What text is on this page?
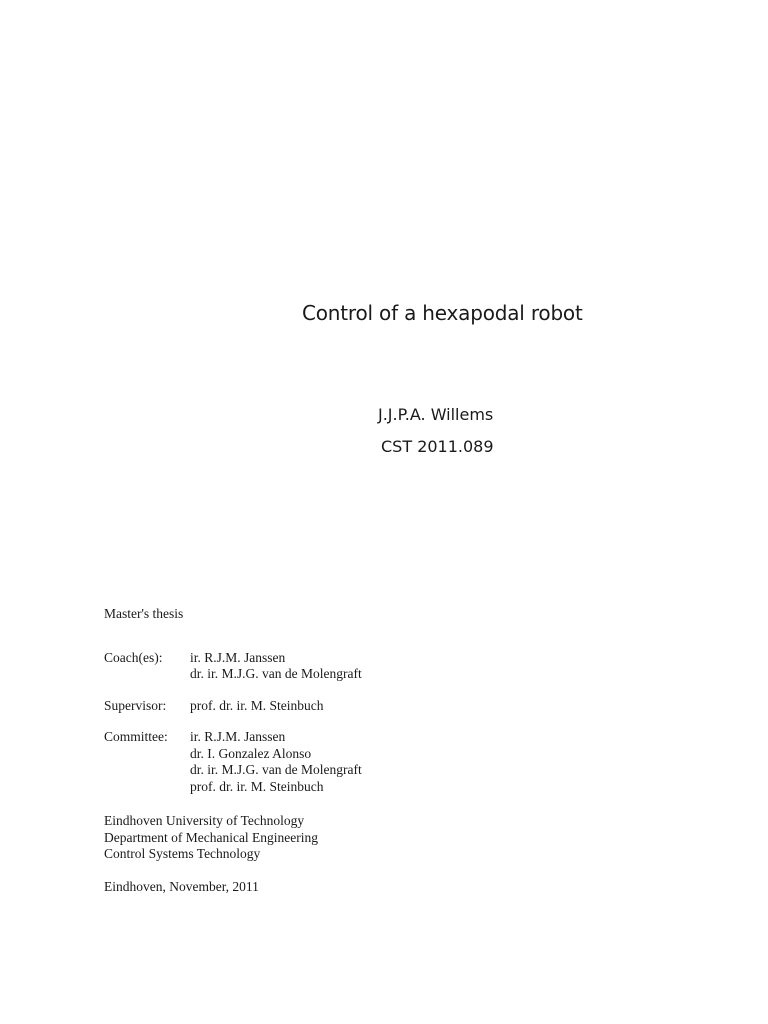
Control of a hexapodal robot
J.J.P.A. Willems
CST 2011.089
Master's thesis
Coach(es):	ir. R.J.M. Janssen
dr. ir. M.J.G. van de Molengraft
Supervisor:	prof. dr. ir. M. Steinbuch
Committee:	ir. R.J.M. Janssen
dr. I. Gonzalez Alonso
dr. ir. M.J.G. van de Molengraft
prof. dr. ir. M. Steinbuch
Eindhoven University of Technology
Department of Mechanical Engineering
Control Systems Technology
Eindhoven, November, 2011
